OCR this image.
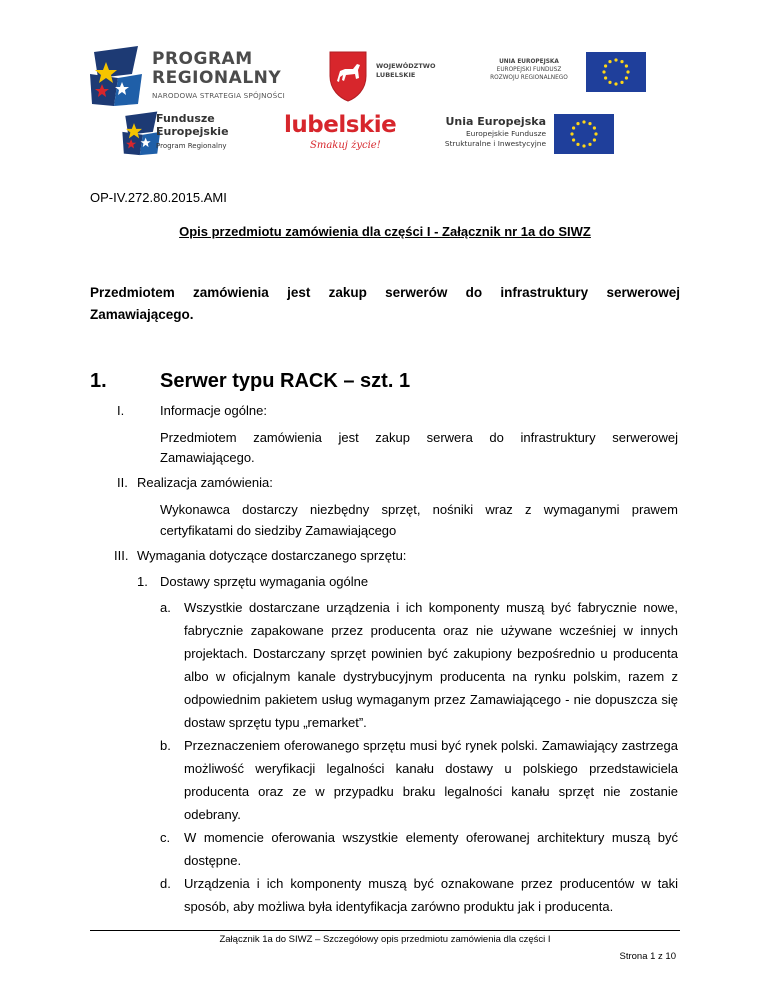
PROGRAM
REGIONALNY
NARODOWA STRATEGIA SPÓJNOŚCI
WOJEWÓDZTWO
LUBELSKIE
UNIA EUROPEJSKA
EUROPEJSKI FUNDUSZ
ROZWOJU REGIONALNEGO
Fundusze
Europejskie
Program Regionalny
lubelskie
Smakuj życie!
Unia Europejska
Europejskie Fundusze
Strukturalne i Inwestycyjne
OP-IV.272.80.2015.AMI
Opis przedmiotu zamówienia dla części I - Załącznik nr 1a do SIWZ
Przedmiotem zamówienia jest zakup serwerów do infrastruktury serwerowej
Zamawiającego.
1.	Serwer typu RACK – szt. 1
I.	Informacje ogólne:
Przedmiotem zamówienia jest zakup serwera do infrastruktury serwerowej
Zamawiającego.
II. Realizacja zamówienia:
Wykonawca dostarczy niezbędny sprzęt, nośniki wraz z wymaganymi prawem
certyfikatami do siedziby Zamawiającego
III. Wymagania dotyczące dostarczanego sprzętu:
1. Dostawy sprzętu wymagania ogólne
a. Wszystkie dostarczane urządzenia i ich komponenty muszą być fabrycznie nowe, fabrycznie zapakowane przez producenta oraz nie używane wcześniej w innych projektach. Dostarczany sprzęt powinien być zakupiony bezpośrednio u producenta albo w oficjalnym kanale dystrybucyjnym producenta na rynku polskim, razem z odpowiednim pakietem usług wymaganym przez Zamawiającego - nie dopuszcza się dostaw sprzętu typu „remarket”.
b. Przeznaczeniem oferowanego sprzętu musi być rynek polski. Zamawiający zastrzega możliwość weryfikacji legalności kanału dostawy u polskiego przedstawiciela producenta oraz ze w przypadku braku legalności kanału sprzęt nie zostanie odebrany.
c. W momencie oferowania wszystkie elementy oferowanej architektury muszą być dostępne.
d. Urządzenia i ich komponenty muszą być oznakowane przez producentów w taki sposób, aby możliwa była identyfikacja zarówno produktu jak i producenta.
Załącznik 1a do SIWZ – Szczegółowy opis przedmiotu zamówienia dla części I
Strona 1 z 10
